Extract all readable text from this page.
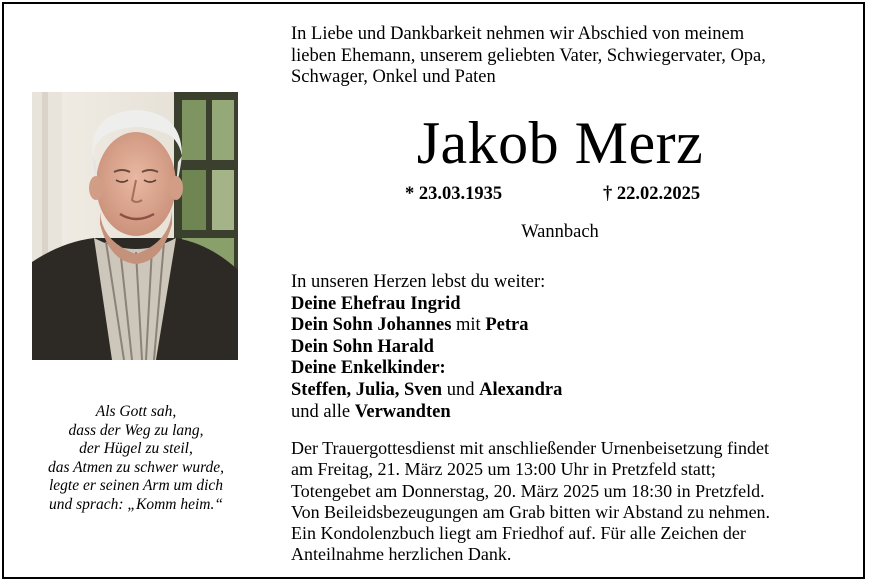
In Liebe und Dankbarkeit nehmen wir Abschied von meinem
lieben Ehemann, unserem geliebten Vater, Schwiegervater, Opa,
Schwager, Onkel und Paten
Jakob Merz
* 23.03.1935	† 22.02.2025
Wannbach
In unseren Herzen lebst du weiter:
Deine Ehefrau Ingrid
Dein Sohn Johannes mit Petra
Dein Sohn Harald
Deine Enkelkinder:
Steffen, Julia, Sven und Alexandra
und alle Verwandten
Der Trauergottesdienst mit anschließender Urnenbeisetzung findet
am Freitag, 21. März 2025 um 13:00 Uhr in Pretzfeld statt;
Totengebet am Donnerstag, 20. März 2025 um 18:30 in Pretzfeld.
Von Beileidsbezeugungen am Grab bitten wir Abstand zu nehmen.
Ein Kondolenzbuch liegt am Friedhof auf. Für alle Zeichen der
Anteilnahme herzlichen Dank.
Als Gott sah,
dass der Weg zu lang,
der Hügel zu steil,
das Atmen zu schwer wurde,
legte er seinen Arm um dich
und sprach: „Komm heim.“
